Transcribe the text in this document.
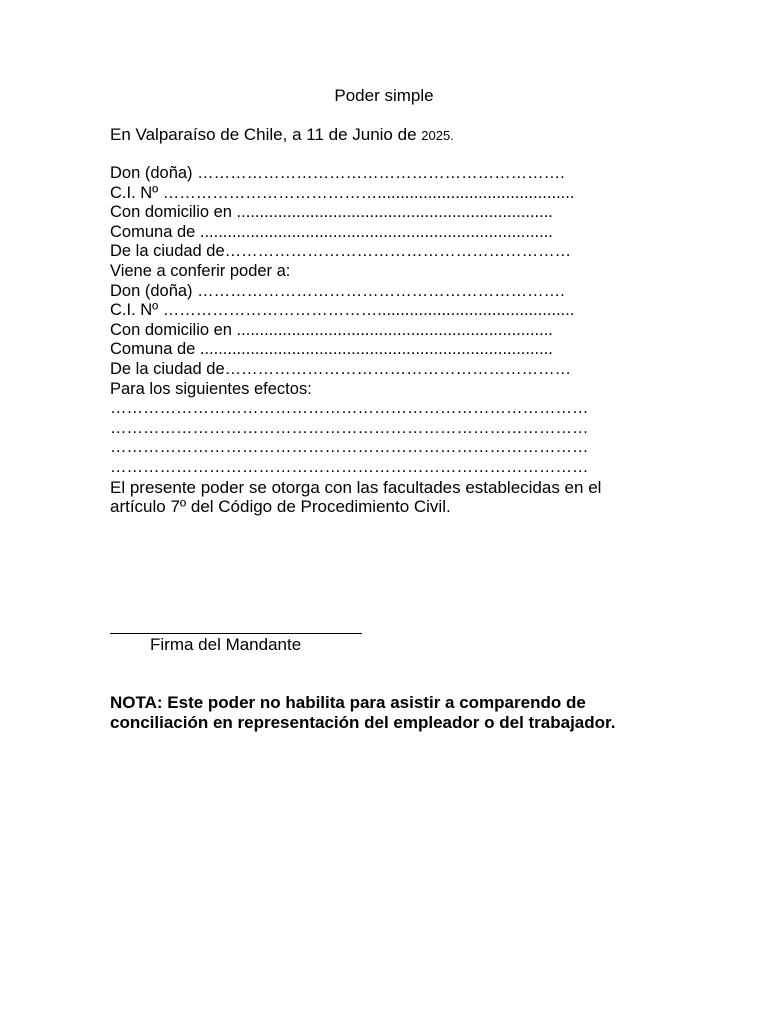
Poder simple
En Valparaíso de Chile, a 11 de Junio de 2025.
Don (doña) ………………………………………………………….
C.I. Nº …………………………………...........................................
Con domicilio en .....................................................................
Comuna de .............................................................................
De la ciudad de………………………………………………………
Viene a conferir poder a:
Don (doña) ………………………………………………………….
C.I. Nº …………………………………...........................................
Con domicilio en .....................................................................
Comuna de .............................................................................
De la ciudad de………………………………………………………
Para los siguientes efectos:
……………………………………………………………………………
……………………………………………………………………………
……………………………………………………………………………
……………………………………………………………………………
El presente poder se otorga con las facultades establecidas en el artículo 7º del Código de Procedimiento Civil.
Firma del Mandante
NOTA: Este poder no habilita para asistir a comparendo de conciliación en representación del empleador o del trabajador.
